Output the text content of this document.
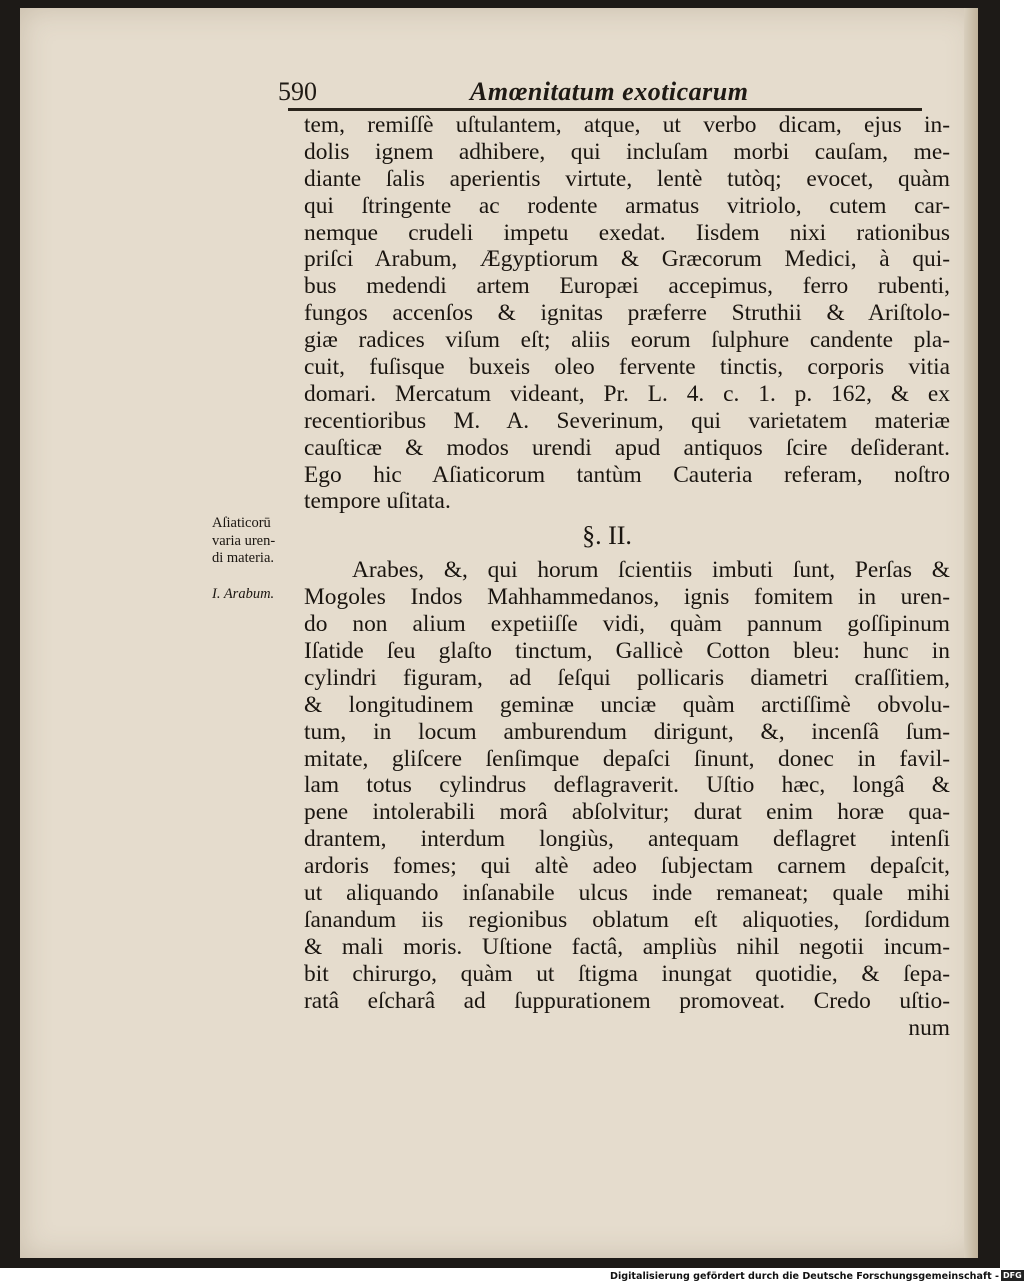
590	Amœnitatum exoticarum
Aſiaticorū
varia uren-
di materia.
I. Arabum.
tem, remiſſè uſtulantem, atque, ut verbo dicam, ejus in-
dolis ignem adhibere, qui incluſam morbi cauſam, me-
diante ſalis aperientis virtute, lentè tutòq; evocet, quàm
qui ſtringente ac rodente armatus vitriolo, cutem car-
nemque crudeli impetu exedat. Iisdem nixi rationibus
priſci Arabum, Ægyptiorum & Græcorum Medici, à qui-
bus medendi artem Europæi accepimus, ferro rubenti,
fungos accenſos & ignitas præferre Struthii & Ariſtolo-
giæ radices viſum eſt; aliis eorum ſulphure candente pla-
cuit, fuſisque buxeis oleo fervente tinctis, corporis vitia
domari. Mercatum videant, Pr. L. 4. c. 1. p. 162, & ex
recentioribus M. A. Severinum, qui varietatem materiæ
cauſticæ & modos urendi apud antiquos ſcire deſiderant.
Ego hic Aſiaticorum tantùm Cauteria referam, noſtro
tempore uſitata.
§. II.
Arabes, &, qui horum ſcientiis imbuti ſunt, Perſas &
Mogoles Indos Mahhammedanos, ignis fomitem in uren-
do non alium expetiiſſe vidi, quàm pannum goſſipinum
Iſatide ſeu glaſto tinctum, Gallicè Cotton bleu: hunc in
cylindri figuram, ad ſeſqui pollicaris diametri craſſitiem,
& longitudinem geminæ unciæ quàm arctiſſimè obvolu-
tum, in locum amburendum dirigunt, &, incenſâ ſum-
mitate, gliſcere ſenſimque depaſci ſinunt, donec in favil-
lam totus cylindrus deflagraverit. Uſtio hæc, longâ &
pene intolerabili morâ abſolvitur; durat enim horæ qua-
drantem, interdum longiùs, antequam deflagret intenſi
ardoris fomes; qui altè adeo ſubjectam carnem depaſcit,
ut aliquando inſanabile ulcus inde remaneat; quale mihi
ſanandum iis regionibus oblatum eſt aliquoties, ſordidum
& mali moris. Uſtione factâ, ampliùs nihil negotii incum-
bit chirurgo, quàm ut ſtigma inungat quotidie, & ſepa-
ratâ eſcharâ ad ſuppurationem promoveat. Credo uſtio-
num
Digitalisierung gefördert durch die Deutsche Forschungsgemeinschaft - DFG
